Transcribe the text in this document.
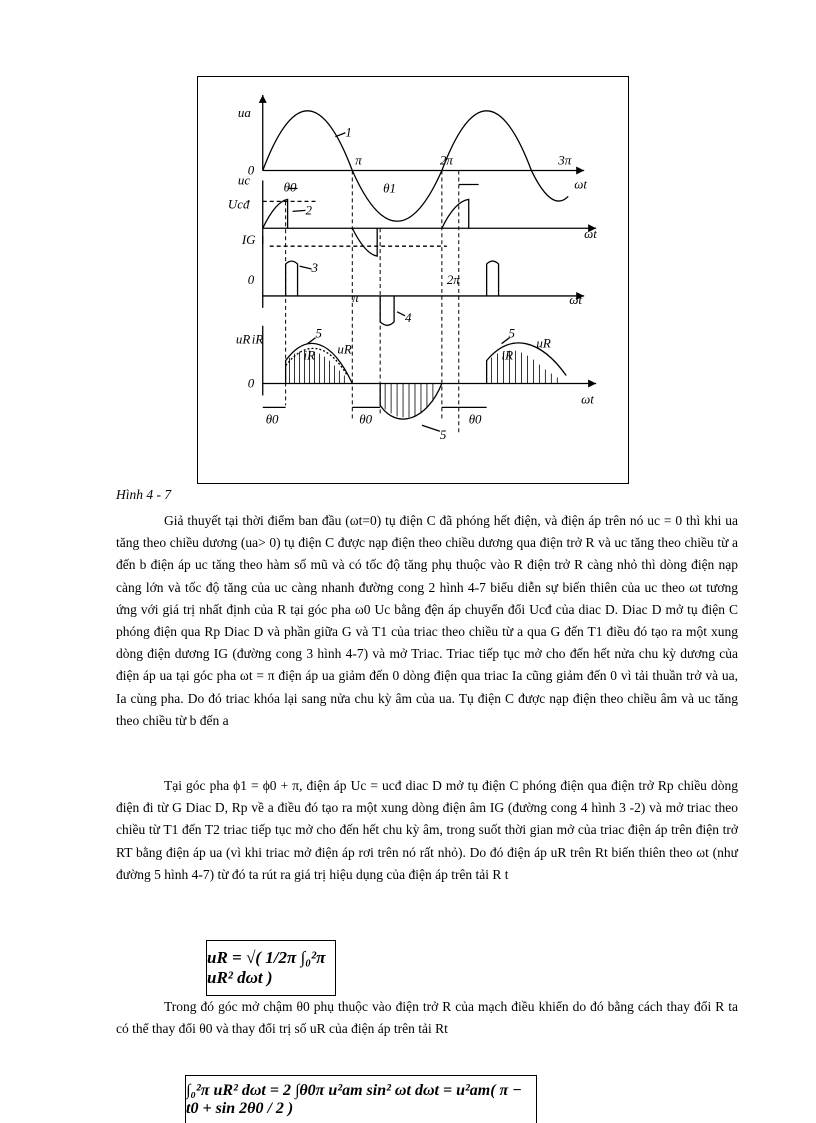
ua
0
1
π	2π	3π
ωt
θ1
uc
Ucđ
θ0
2
ωt
IG
0
3
2π
π	ωt
4
uR iR	5
iR uR
0
ωt
θ0	θ0	θ0
5
5
iR
uR
Hình 4 - 7

Giả thuyết tại thời điểm ban đầu (ωt=0) tụ điện C đã phóng hết điện, và điện áp trên nó uc = 0 thì khi ua tăng theo chiều dương (ua> 0) tụ điện C được nạp điện theo chiều dương qua điện trở R và uc tăng theo chiều từ a đến b điện áp uc tăng theo hàm số mũ và có tốc độ tăng phụ thuộc vào R điện trở R càng nhỏ thì dòng điện nạp càng lớn và tốc độ tăng của uc càng nhanh đường cong 2 hình 4-7 biểu diễn sự biến thiên của uc theo ωt tương ứng với giá trị nhất định của R tại góc pha ω0 Uc bằng đện áp chuyển đổi Ucđ của diac D. Diac D mở tụ điện C phóng điện qua Rp Diac D và phần giữa G và T1 của triac theo chiều từ a qua G đến T1 điều đó tạo ra một xung dòng điện dương IG (đường cong 3 hình 4-7) và mở Triac. Triac tiếp tục mở cho đến hết nửa chu kỳ dương của điện áp ua tại góc pha ωt = π điện áp ua giảm đến 0 dòng điện qua triac Ia cũng giảm đến 0 vì tải thuần trở và ua, Ia cùng pha. Do đó triac khóa lại sang nửa chu kỳ âm của ua. Tụ điện C được nạp điện theo chiều âm và uc tăng theo chiều từ b đến a

Tại góc pha ϕ1 = ϕ0 + π, điện áp Uc = ucđ diac D mở tụ điện C phóng điện qua điện trở Rp chiều dòng điện đi từ G Diac D, Rp về a điều đó tạo ra một xung dòng điện âm IG (đường cong 4 hình 3 -2) và mở triac theo chiều từ T1 đến T2 triac tiếp tục mở cho đến hết chu kỳ âm, trong suốt thời gian mở của triac điện áp trên điện trở RT bằng điện áp ua (vì khi triac mở điện áp rơi trên nó rất nhỏ). Do đó điện áp uR trên Rt biến thiên theo ωt (như đường 5 hình 4-7) từ đó ta rút ra giá trị hiệu dụng của điện áp trên tải R t

uR = √( 1/2π ∫₀²π uR² dωt )

Trong đó góc mở chậm θ0 phụ thuộc vào điện trở R của mạch điều khiển do đó bằng cách thay đổi R ta có thể thay đổi θ0 và thay đổi trị số uR của điện áp trên tải Rt

∫₀²π uR² dωt = 2 ∫θ0π u²am sin² ωt dωt = u²am( π − t0 + sin 2θ0 / 2 )
